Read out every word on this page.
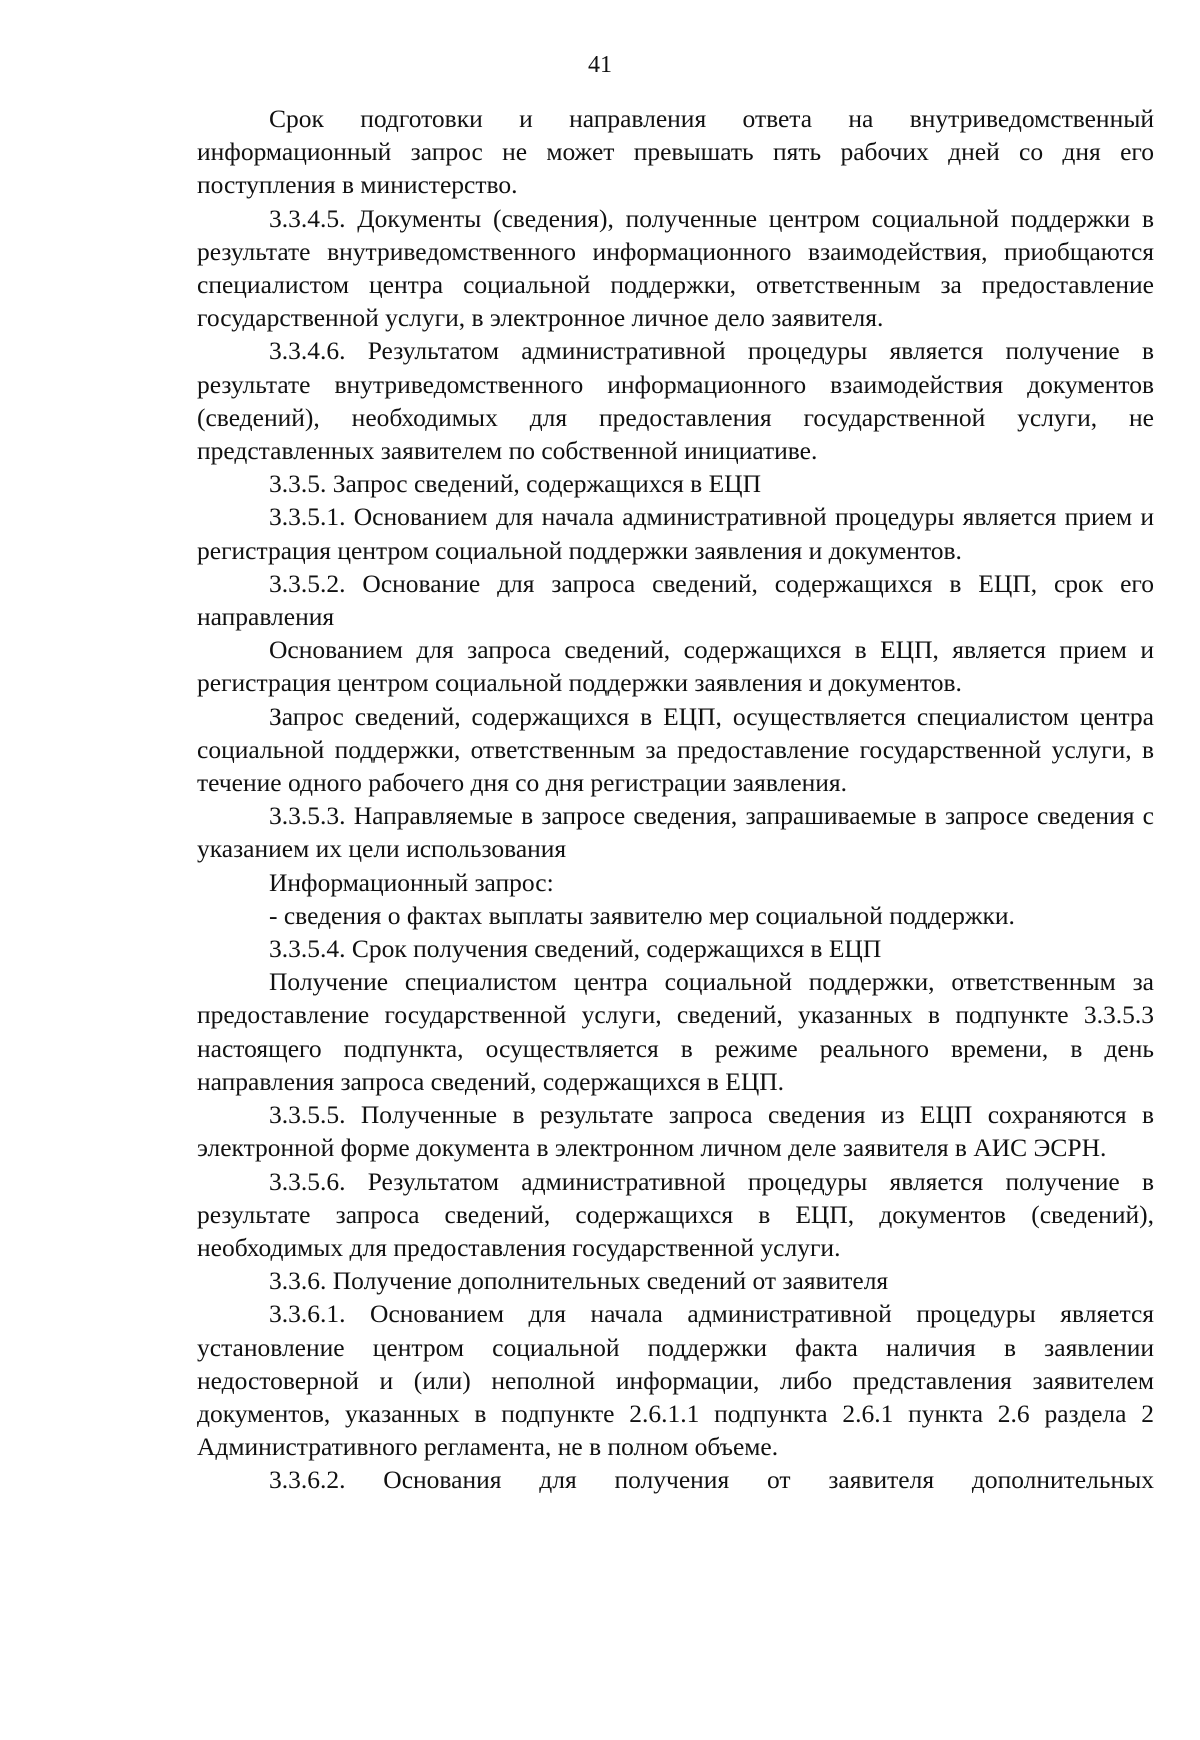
41

Срок подготовки и направления ответа на внутриведомственный информационный запрос не может превышать пять рабочих дней со дня его поступления в министерство.

3.3.4.5. Документы (сведения), полученные центром социальной поддержки в результате внутриведомственного информационного взаимодействия, приобщаются специалистом центра социальной поддержки, ответственным за предоставление государственной услуги, в электронное личное дело заявителя.

3.3.4.6. Результатом административной процедуры является получение в результате внутриведомственного информационного взаимодействия документов (сведений), необходимых для предоставления государственной услуги, не представленных заявителем по собственной инициативе.

3.3.5. Запрос сведений, содержащихся в ЕЦП

3.3.5.1. Основанием для начала административной процедуры является прием и регистрация центром социальной поддержки заявления и документов.

3.3.5.2. Основание для запроса сведений, содержащихся в ЕЦП, срок его направления

Основанием для запроса сведений, содержащихся в ЕЦП, является прием и регистрация центром социальной поддержки заявления и документов.

Запрос сведений, содержащихся в ЕЦП, осуществляется специалистом центра социальной поддержки, ответственным за предоставление государственной услуги, в течение одного рабочего дня со дня регистрации заявления.

3.3.5.3. Направляемые в запросе сведения, запрашиваемые в запросе сведения с указанием их цели использования

Информационный запрос:

- сведения о фактах выплаты заявителю мер социальной поддержки.

3.3.5.4. Срок получения сведений, содержащихся в ЕЦП

Получение специалистом центра социальной поддержки, ответственным за предоставление государственной услуги, сведений, указанных в подпункте 3.3.5.3 настоящего подпункта, осуществляется в режиме реального времени, в день направления запроса сведений, содержащихся в ЕЦП.

3.3.5.5. Полученные в результате запроса сведения из ЕЦП сохраняются в электронной форме документа в электронном личном деле заявителя в АИС ЭСРН.

3.3.5.6. Результатом административной процедуры является получение в результате запроса сведений, содержащихся в ЕЦП, документов (сведений), необходимых для предоставления государственной услуги.

3.3.6. Получение дополнительных сведений от заявителя

3.3.6.1. Основанием для начала административной процедуры является установление центром социальной поддержки факта наличия в заявлении недостоверной и (или) неполной информации, либо представления заявителем документов, указанных в подпункте 2.6.1.1 подпункта 2.6.1 пункта 2.6 раздела 2 Административного регламента, не в полном объеме.

3.3.6.2. Основания для получения от заявителя дополнительных
